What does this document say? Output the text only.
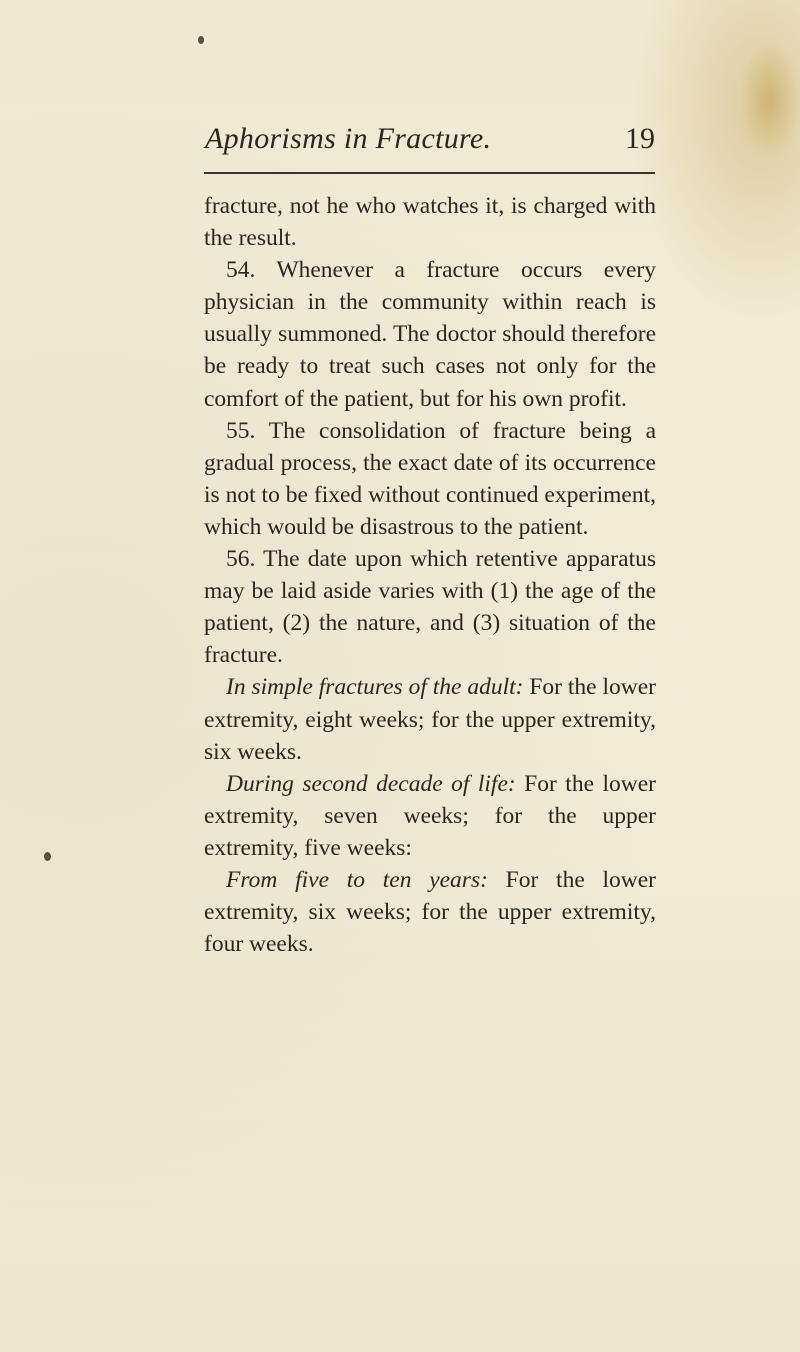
Aphorisms in Fracture.	19

fracture, not he who watches it, is charged with the result.

54. Whenever a fracture occurs every physician in the community within reach is usually summoned. The doctor should therefore be ready to treat such cases not only for the comfort of the patient, but for his own profit.

55. The consolidation of fracture being a gradual process, the exact date of its occurrence is not to be fixed without continued experiment, which would be disastrous to the patient.

56. The date upon which retentive apparatus may be laid aside varies with (1) the age of the patient, (2) the nature, and (3) situation of the fracture.

In simple fractures of the adult: For the lower extremity, eight weeks; for the upper extremity, six weeks.

During second decade of life: For the lower extremity, seven weeks; for the upper extremity, five weeks:

From five to ten years: For the lower extremity, six weeks; for the upper extremity, four weeks.
